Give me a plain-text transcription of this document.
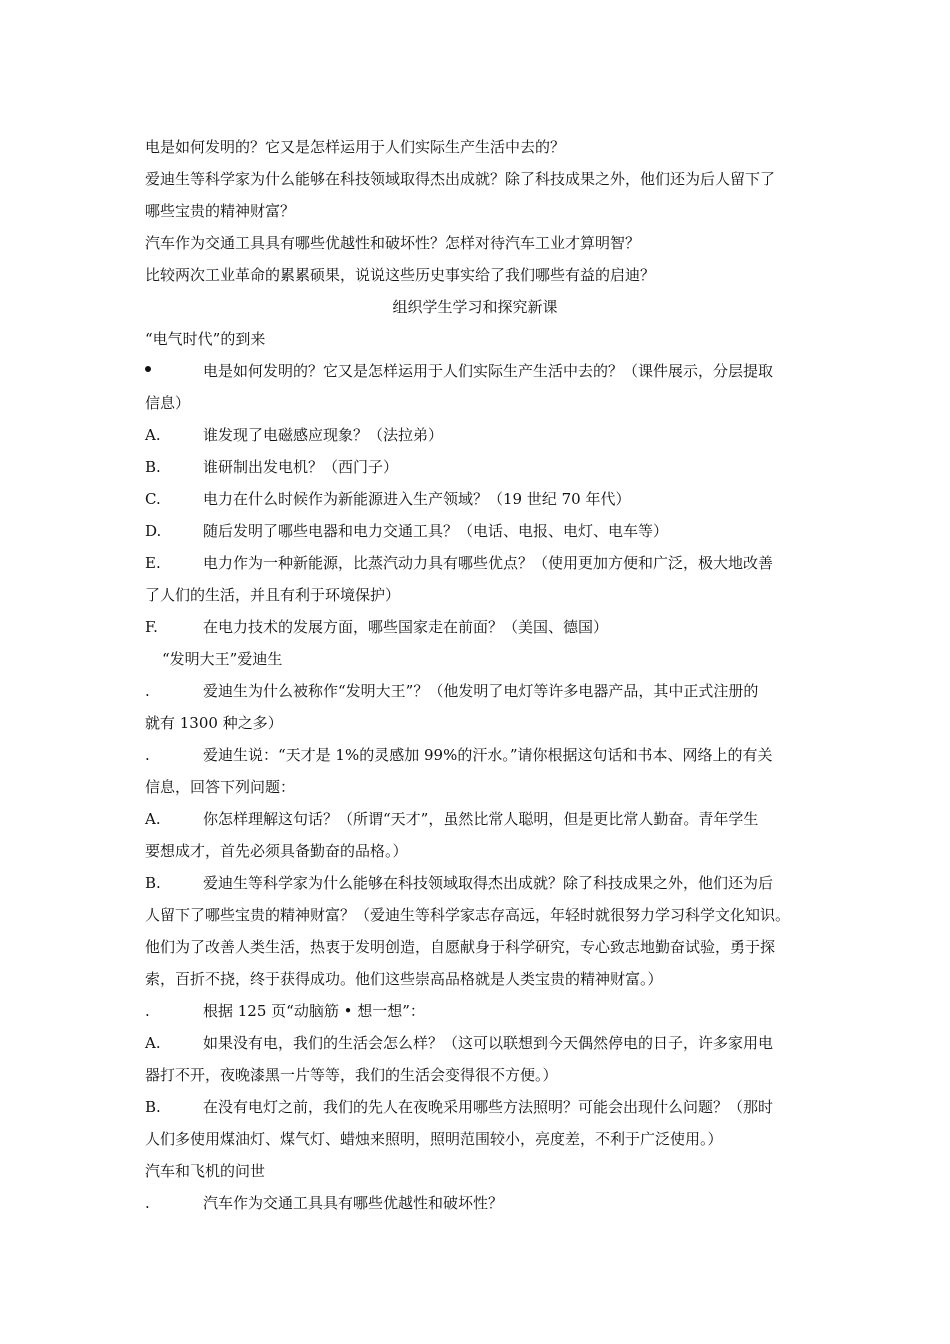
电是如何发明的？它又是怎样运用于人们实际生产生活中去的？
爱迪生等科学家为什么能够在科技领域取得杰出成就？除了科技成果之外，他们还为后人留下了
哪些宝贵的精神财富？
汽车作为交通工具具有哪些优越性和破坏性？怎样对待汽车工业才算明智？
比较两次工业革命的累累硕果，说说这些历史事实给了我们哪些有益的启迪？
组织学生学习和探究新课
“电气时代”的到来
电是如何发明的？它又是怎样运用于人们实际生产生活中去的？（课件展示，分层提取
信息）
A.	谁发现了电磁感应现象？（法拉弟）
B.	谁研制出发电机？（西门子）
C.	电力在什么时候作为新能源进入生产领域？（19 世纪 70 年代）
D.	随后发明了哪些电器和电力交通工具？（电话、电报、电灯、电车等）
E.	电力作为一种新能源，比蒸汽动力具有哪些优点？（使用更加方便和广泛，极大地改善
了人们的生活，并且有利于环境保护）
F.	在电力技术的发展方面，哪些国家走在前面？（美国、德国）
“发明大王”爱迪生
.	爱迪生为什么被称作“发明大王”？（他发明了电灯等许多电器产品，其中正式注册的
就有 1300 种之多）
.	爱迪生说：“天才是 1%的灵感加 99%的汗水。”请你根据这句话和书本、网络上的有关
信息，回答下列问题：
A.	你怎样理解这句话？（所谓“天才”，虽然比常人聪明，但是更比常人勤奋。青年学生
要想成才，首先必须具备勤奋的品格。）
B.	爱迪生等科学家为什么能够在科技领域取得杰出成就？除了科技成果之外，他们还为后
人留下了哪些宝贵的精神财富？（爱迪生等科学家志存高远，年轻时就很努力学习科学文化知识。
他们为了改善人类生活，热衷于发明创造，自愿献身于科学研究，专心致志地勤奋试验，勇于探
索，百折不挠，终于获得成功。他们这些崇高品格就是人类宝贵的精神财富。）
.	根据 125 页“动脑筋 • 想一想”：
A.	如果没有电，我们的生活会怎么样？（这可以联想到今天偶然停电的日子，许多家用电
器打不开，夜晚漆黑一片等等，我们的生活会变得很不方便。）
B.	在没有电灯之前，我们的先人在夜晚采用哪些方法照明？可能会出现什么问题？（那时
人们多使用煤油灯、煤气灯、蜡烛来照明，照明范围较小，亮度差，不利于广泛使用。）
汽车和飞机的问世
.	汽车作为交通工具具有哪些优越性和破坏性？
